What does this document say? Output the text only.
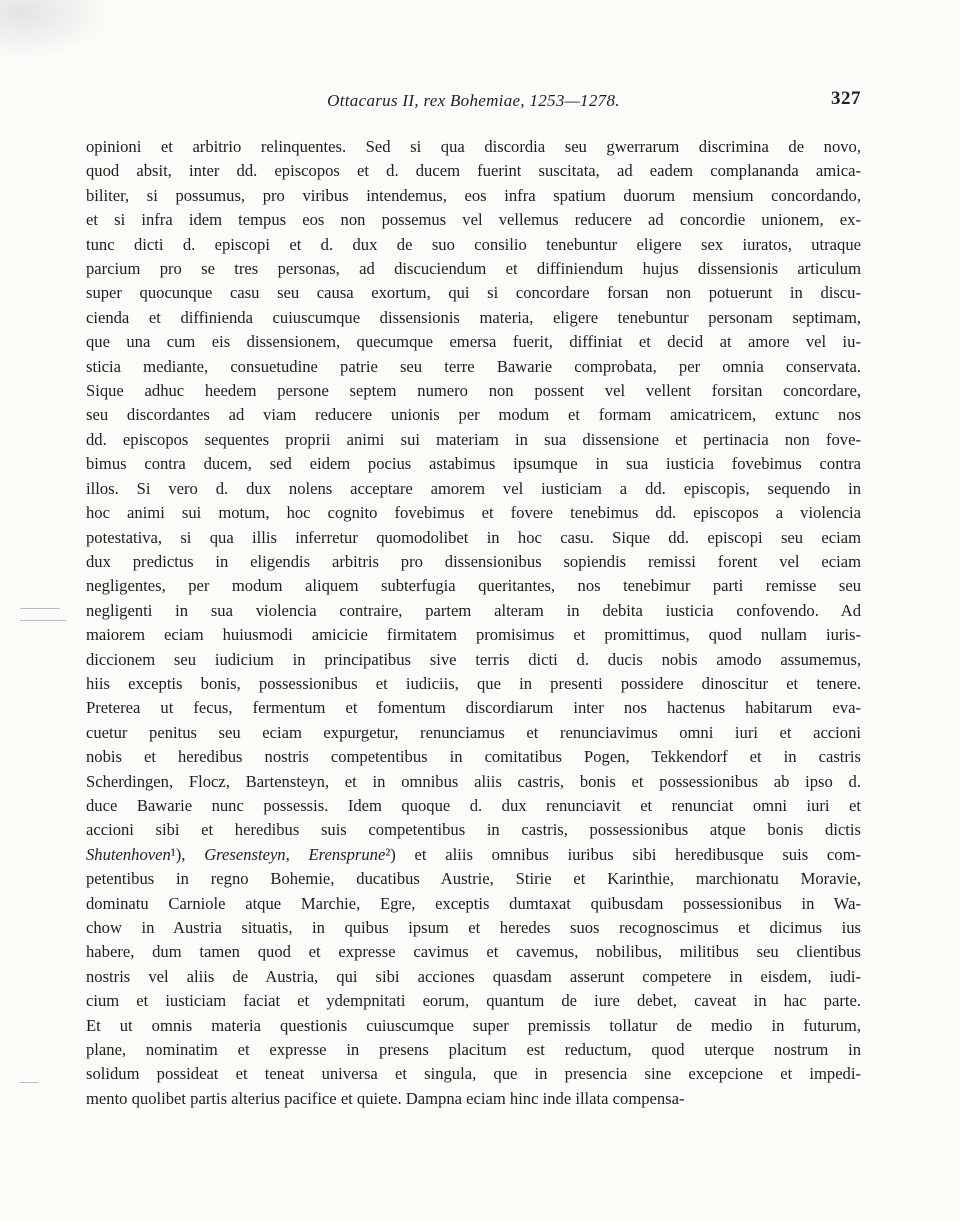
Ottacarus II, rex Bohemiae, 1253—1278.	327
opinioni et arbitrio relinquentes. Sed si qua discordia seu gwerrarum discrimina de novo,
quod absit, inter dd. episcopos et d. ducem fuerint suscitata, ad eadem complananda amica-
biliter, si possumus, pro viribus intendemus, eos infra spatium duorum mensium concordando,
et si infra idem tempus eos non possemus vel vellemus reducere ad concordie unionem, ex-
tunc dicti d. episcopi et d. dux de suo consilio tenebuntur eligere sex iuratos, utraque
parcium pro se tres personas, ad discuciendum et diffiniendum hujus dissensionis articulum
super quocunque casu seu causa exortum, qui si concordare forsan non potuerunt in discu-
cienda et diffinienda cuiuscumque dissensionis materia, eligere tenebuntur personam septimam,
que una cum eis dissensionem, quecumque emersa fuerit, diffiniat et decid at amore vel iu-
sticia mediante, consuetudine patrie seu terre Bawarie comprobata, per omnia conservata.
Sique adhuc heedem persone septem numero non possent vel vellent forsitan concordare,
seu discordantes ad viam reducere unionis per modum et formam amicatricem, extunc nos
dd. episcopos sequentes proprii animi sui materiam in sua dissensione et pertinacia non fove-
bimus contra ducem, sed eidem pocius astabimus ipsumque in sua iusticia fovebimus contra
illos. Si vero d. dux nolens acceptare amorem vel iusticiam a dd. episcopis, sequendo in
hoc animi sui motum, hoc cognito fovebimus et fovere tenebimus dd. episcopos a violencia
potestativa, si qua illis inferretur quomodolibet in hoc casu. Sique dd. episcopi seu eciam
dux predictus in eligendis arbitris pro dissensionibus sopiendis remissi forent vel eciam
negligentes, per modum aliquem subterfugia queritantes, nos tenebimur parti remisse seu
negligenti in sua violencia contraire, partem alteram in debita iusticia confovendo. Ad
maiorem eciam huiusmodi amicicie firmitatem promisimus et promittimus, quod nullam iuris-
diccionem seu iudicium in principatibus sive terris dicti d. ducis nobis amodo assumemus,
hiis exceptis bonis, possessionibus et iudiciis, que in presenti possidere dinoscitur et tenere.
Preterea ut fecus, fermentum et fomentum discordiarum inter nos hactenus habitarum eva-
cuetur penitus seu eciam expurgetur, renunciamus et renunciavimus omni iuri et accioni
nobis et heredibus nostris competentibus in comitatibus Pogen, Tekkendorf et in castris
Scherdingen, Flocz, Bartensteyn, et in omnibus aliis castris, bonis et possessionibus ab ipso d.
duce Bawarie nunc possessis. Idem quoque d. dux renunciavit et renunciat omni iuri et
accioni sibi et heredibus suis competentibus in castris, possessionibus atque bonis dictis
Shutenhoven¹), Gresensteyn, Erensprune²) et aliis omnibus iuribus sibi heredibusque suis com-
petentibus in regno Bohemie, ducatibus Austrie, Stirie et Karinthie, marchionatu Moravie,
dominatu Carniole atque Marchie, Egre, exceptis dumtaxat quibusdam possessionibus in Wa-
chow in Austria situatis, in quibus ipsum et heredes suos recognoscimus et dicimus ius
habere, dum tamen quod et expresse cavimus et cavemus, nobilibus, militibus seu clientibus
nostris vel aliis de Austria, qui sibi acciones quasdam asserunt competere in eisdem, iudi-
cium et iusticiam faciat et ydempnitati eorum, quantum de iure debet, caveat in hac parte.
Et ut omnis materia questionis cuiuscumque super premissis tollatur de medio in futurum,
plane, nominatim et expresse in presens placitum est reductum, quod uterque nostrum in
solidum possideat et teneat universa et singula, que in presencia sine excepcione et impedi-
mento quolibet partis alterius pacifice et quiete. Dampna eciam hinc inde illata compensa-
